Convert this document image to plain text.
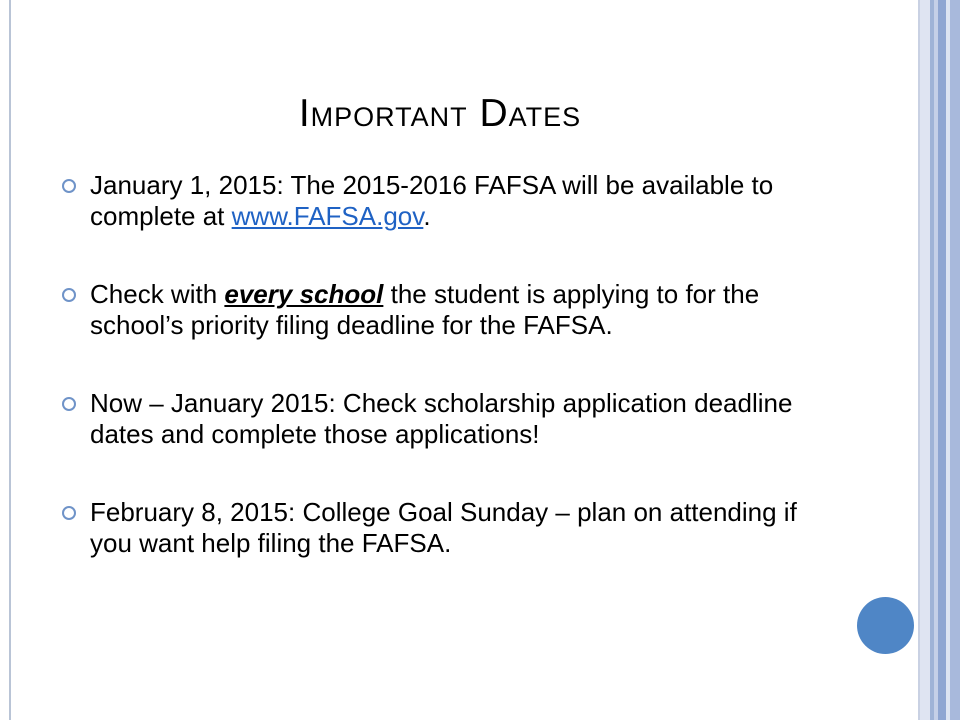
Important Dates
January 1, 2015: The 2015-2016 FAFSA will be available to complete at www.FAFSA.gov.
Check with every school the student is applying to for the school’s priority filing deadline for the FAFSA.
Now – January 2015: Check scholarship application deadline dates and complete those applications!
February 8, 2015: College Goal Sunday – plan on attending if you want help filing the FAFSA.
